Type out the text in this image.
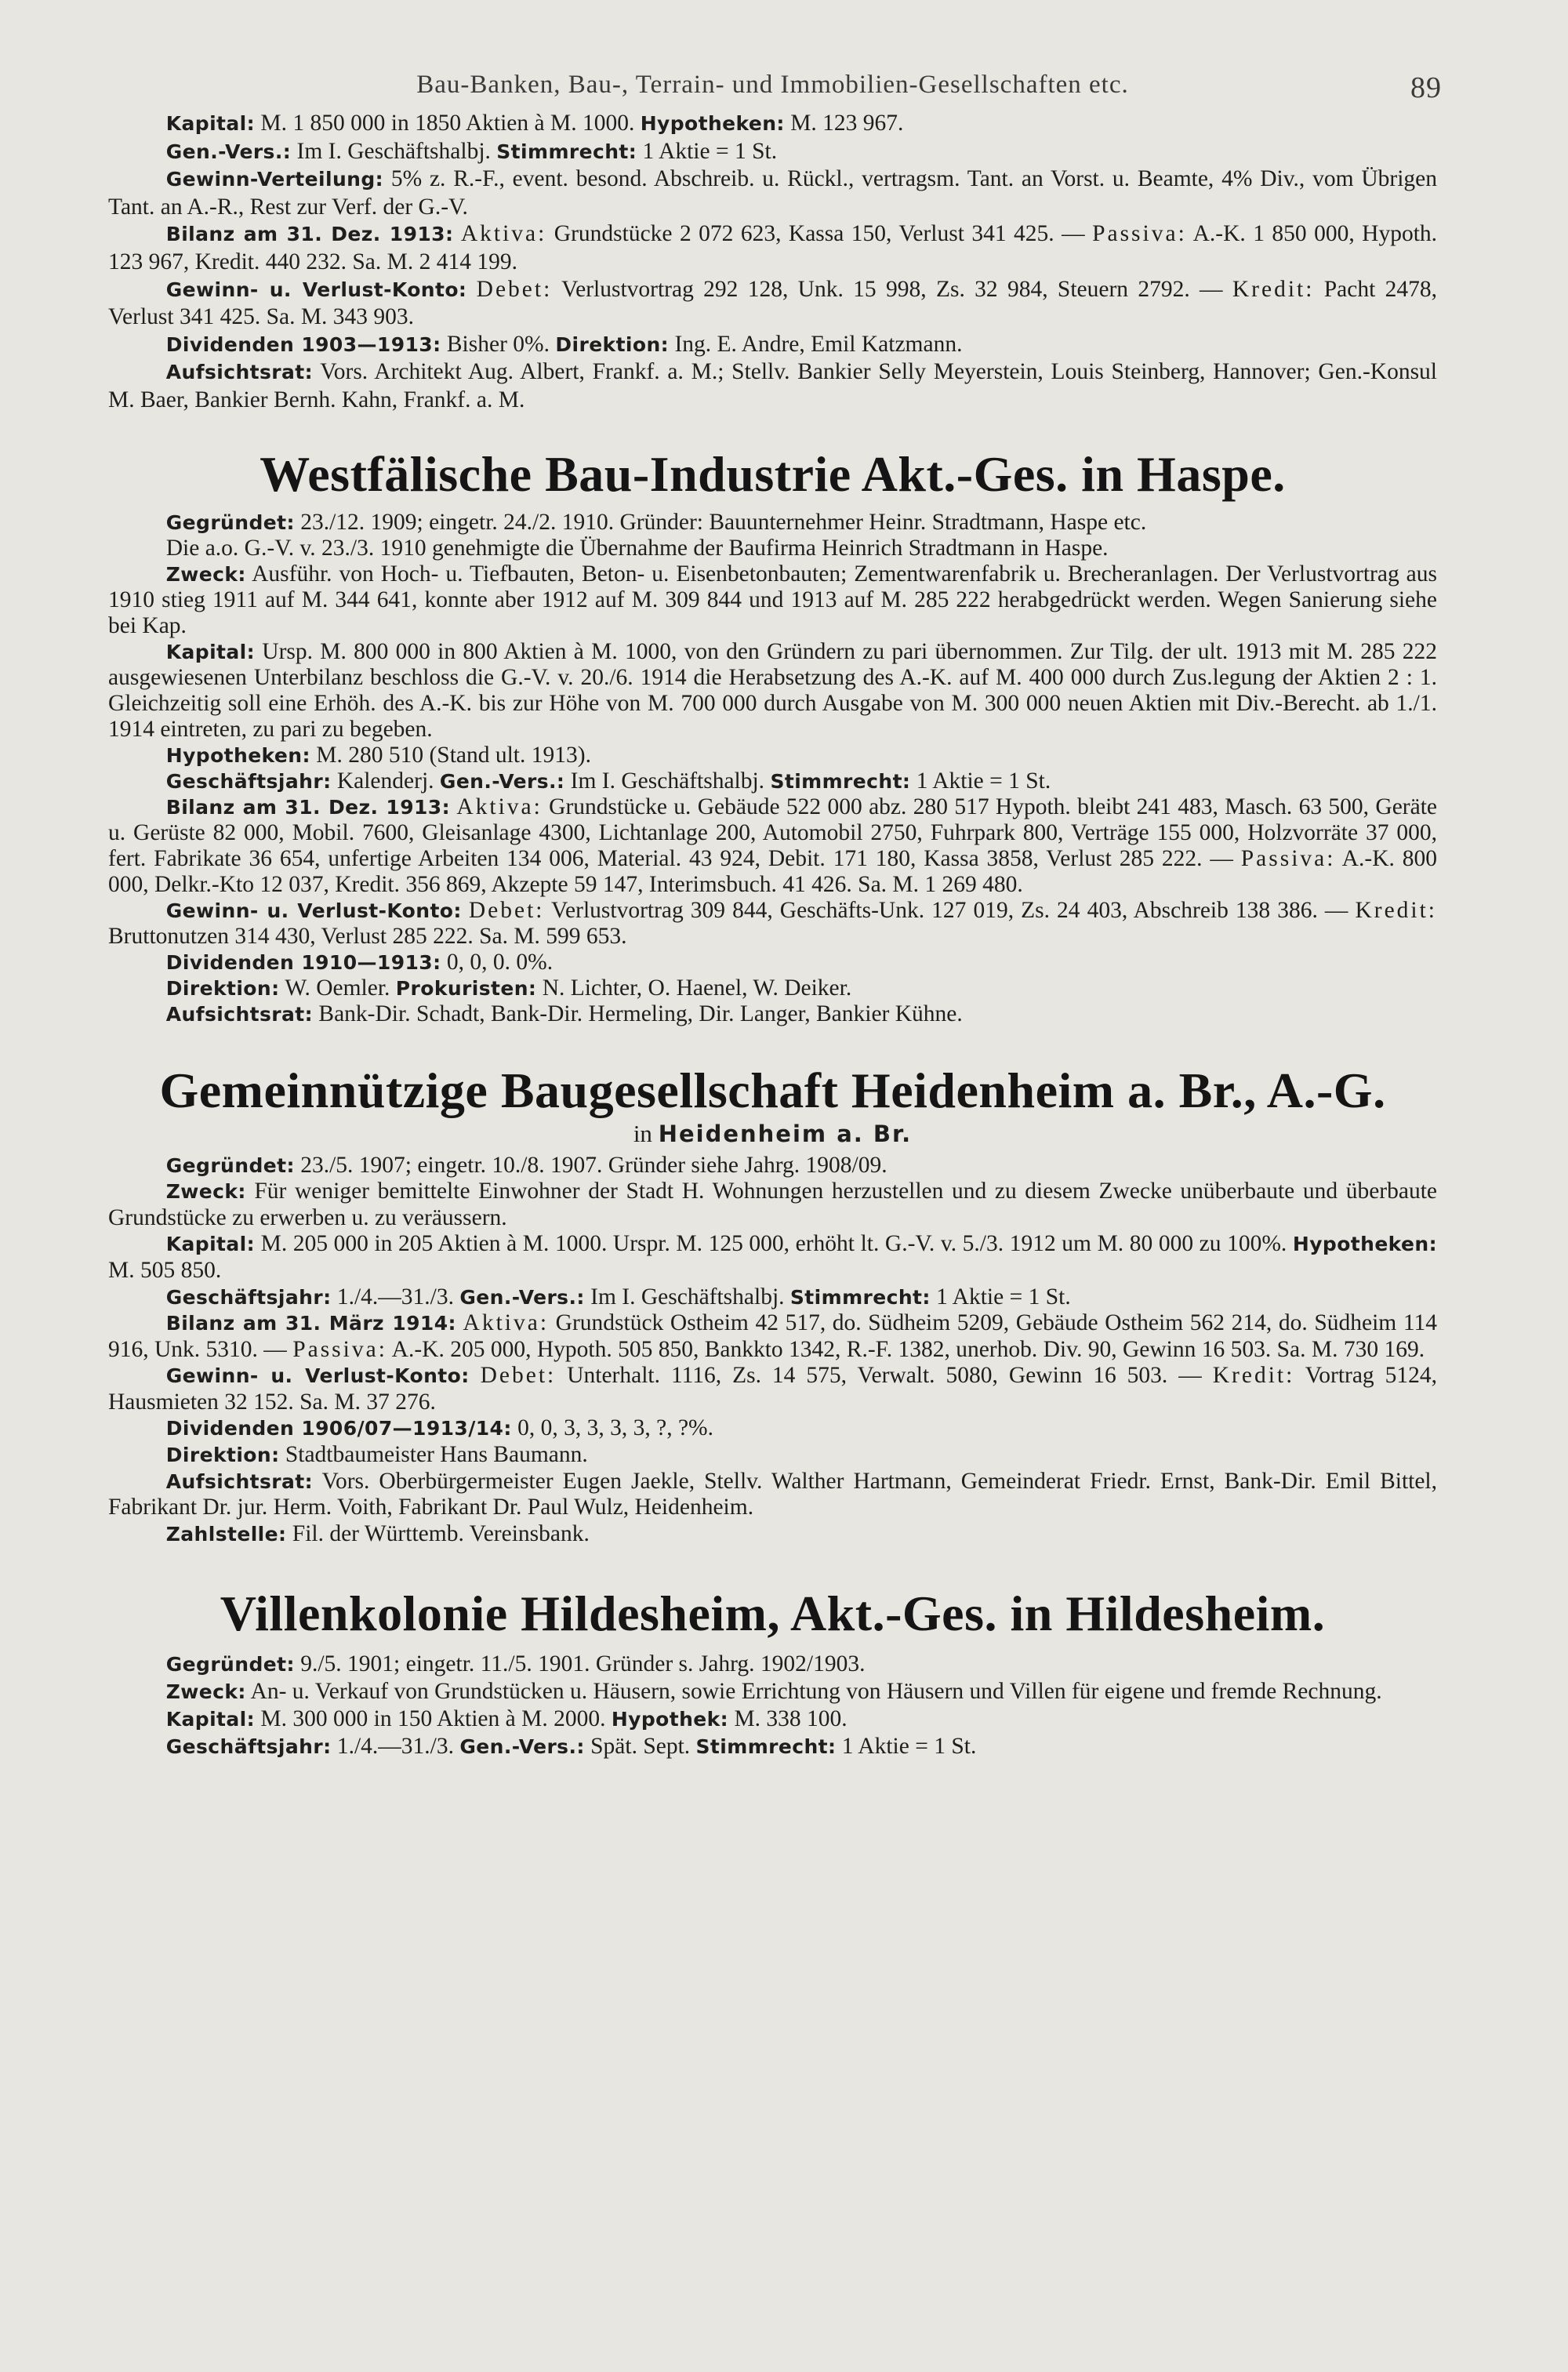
Bau-Banken, Bau-, Terrain- und Immobilien-Gesellschaften etc.	89

Kapital: M. 1 850 000 in 1850 Aktien à M. 1000. Hypotheken: M. 123 967.

Gen.-Vers.: Im I. Geschäftshalbj. Stimmrecht: 1 Aktie = 1 St.

Gewinn-Verteilung: 5% z. R.-F., event. besond. Abschreib. u. Rückl., vertragsm. Tant. an Vorst. u. Beamte, 4% Div., vom Übrigen Tant. an A.-R., Rest zur Verf. der G.-V.

Bilanz am 31. Dez. 1913: Aktiva: Grundstücke 2 072 623, Kassa 150, Verlust 341 425. — Passiva: A.-K. 1 850 000, Hypoth. 123 967, Kredit. 440 232. Sa. M. 2 414 199.

Gewinn- u. Verlust-Konto: Debet: Verlustvortrag 292 128, Unk. 15 998, Zs. 32 984, Steuern 2792. — Kredit: Pacht 2478, Verlust 341 425. Sa. M. 343 903.

Dividenden 1903—1913: Bisher 0%. Direktion: Ing. E. Andre, Emil Katzmann.

Aufsichtsrat: Vors. Architekt Aug. Albert, Frankf. a. M.; Stellv. Bankier Selly Meyerstein, Louis Steinberg, Hannover; Gen.-Konsul M. Baer, Bankier Bernh. Kahn, Frankf. a. M.

Westfälische Bau-Industrie Akt.-Ges. in Haspe.

Gegründet: 23./12. 1909; eingetr. 24./2. 1910. Gründer: Bauunternehmer Heinr. Stradtmann, Haspe etc.

Die a.o. G.-V. v. 23./3. 1910 genehmigte die Übernahme der Baufirma Heinrich Stradtmann in Haspe.

Zweck: Ausführ. von Hoch- u. Tiefbauten, Beton- u. Eisenbetonbauten; Zementwarenfabrik u. Brecheranlagen. Der Verlustvortrag aus 1910 stieg 1911 auf M. 344 641, konnte aber 1912 auf M. 309 844 und 1913 auf M. 285 222 herabgedrückt werden. Wegen Sanierung siehe bei Kap.

Kapital: Ursp. M. 800 000 in 800 Aktien à M. 1000, von den Gründern zu pari übernommen. Zur Tilg. der ult. 1913 mit M. 285 222 ausgewiesenen Unterbilanz beschloss die G.-V. v. 20./6. 1914 die Herabsetzung des A.-K. auf M. 400 000 durch Zus.legung der Aktien 2 : 1. Gleichzeitig soll eine Erhöh. des A.-K. bis zur Höhe von M. 700 000 durch Ausgabe von M. 300 000 neuen Aktien mit Div.-Berecht. ab 1./1. 1914 eintreten, zu pari zu begeben.

Hypotheken: M. 280 510 (Stand ult. 1913).

Geschäftsjahr: Kalenderj. Gen.-Vers.: Im I. Geschäftshalbj. Stimmrecht: 1 Aktie = 1 St.

Bilanz am 31. Dez. 1913: Aktiva: Grundstücke u. Gebäude 522 000 abz. 280 517 Hypoth. bleibt 241 483, Masch. 63 500, Geräte u. Gerüste 82 000, Mobil. 7600, Gleisanlage 4300, Lichtanlage 200, Automobil 2750, Fuhrpark 800, Verträge 155 000, Holzvorräte 37 000, fert. Fabrikate 36 654, unfertige Arbeiten 134 006, Material. 43 924, Debit. 171 180, Kassa 3858, Verlust 285 222. — Passiva: A.-K. 800 000, Delkr.-Kto 12 037, Kredit. 356 869, Akzepte 59 147, Interimsbuch. 41 426. Sa. M. 1 269 480.

Gewinn- u. Verlust-Konto: Debet: Verlustvortrag 309 844, Geschäfts-Unk. 127 019, Zs. 24 403, Abschreib 138 386. — Kredit: Bruttonutzen 314 430, Verlust 285 222. Sa. M. 599 653.

Dividenden 1910—1913: 0, 0, 0. 0%.

Direktion: W. Oemler. Prokuristen: N. Lichter, O. Haenel, W. Deiker.

Aufsichtsrat: Bank-Dir. Schadt, Bank-Dir. Hermeling, Dir. Langer, Bankier Kühne.

Gemeinnützige Baugesellschaft Heidenheim a. Br., A.-G.
in Heidenheim a. Br.

Gegründet: 23./5. 1907; eingetr. 10./8. 1907. Gründer siehe Jahrg. 1908/09.

Zweck: Für weniger bemittelte Einwohner der Stadt H. Wohnungen herzustellen und zu diesem Zwecke unüberbaute und überbaute Grundstücke zu erwerben u. zu veräussern.

Kapital: M. 205 000 in 205 Aktien à M. 1000. Urspr. M. 125 000, erhöht lt. G.-V. v. 5./3. 1912 um M. 80 000 zu 100%. Hypotheken: M. 505 850.

Geschäftsjahr: 1./4.—31./3. Gen.-Vers.: Im I. Geschäftshalbj. Stimmrecht: 1 Aktie = 1 St.

Bilanz am 31. März 1914: Aktiva: Grundstück Ostheim 42 517, do. Südheim 5209, Gebäude Ostheim 562 214, do. Südheim 114 916, Unk. 5310. — Passiva: A.-K. 205 000, Hypoth. 505 850, Bankkto 1342, R.-F. 1382, unerhob. Div. 90, Gewinn 16 503. Sa. M. 730 169.

Gewinn- u. Verlust-Konto: Debet: Unterhalt. 1116, Zs. 14 575, Verwalt. 5080, Gewinn 16 503. — Kredit: Vortrag 5124, Hausmieten 32 152. Sa. M. 37 276.

Dividenden 1906/07—1913/14: 0, 0, 3, 3, 3, 3, ?, ?%.

Direktion: Stadtbaumeister Hans Baumann.

Aufsichtsrat: Vors. Oberbürgermeister Eugen Jaekle, Stellv. Walther Hartmann, Gemeinderat Friedr. Ernst, Bank-Dir. Emil Bittel, Fabrikant Dr. jur. Herm. Voith, Fabrikant Dr. Paul Wulz, Heidenheim.

Zahlstelle: Fil. der Württemb. Vereinsbank.

Villenkolonie Hildesheim, Akt.-Ges. in Hildesheim.

Gegründet: 9./5. 1901; eingetr. 11./5. 1901. Gründer s. Jahrg. 1902/1903.

Zweck: An- u. Verkauf von Grundstücken u. Häusern, sowie Errichtung von Häusern und Villen für eigene und fremde Rechnung.

Kapital: M. 300 000 in 150 Aktien à M. 2000. Hypothek: M. 338 100.

Geschäftsjahr: 1./4.—31./3. Gen.-Vers.: Spät. Sept. Stimmrecht: 1 Aktie = 1 St.
